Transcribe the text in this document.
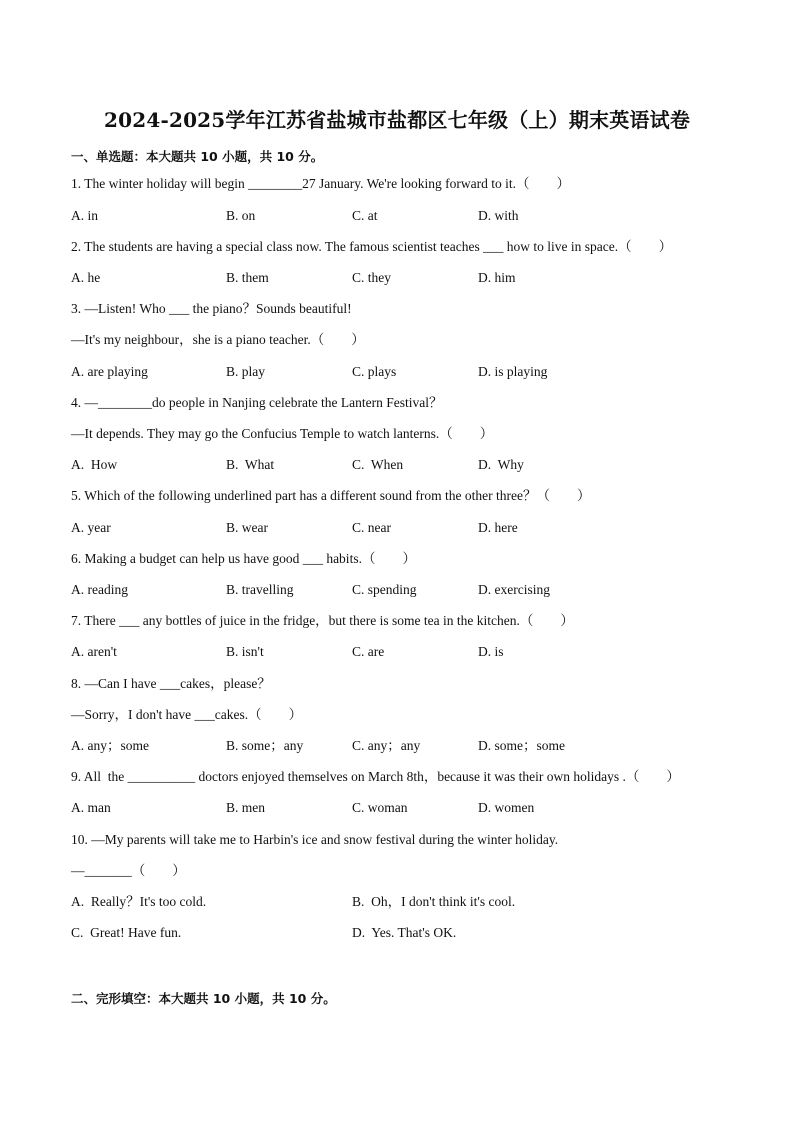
2024-2025学年江苏省盐城市盐都区七年级（上）期末英语试卷
一、单选题：本大题共 10 小题，共 10 分。
1. The winter holiday will begin ________27 January. We're looking forward to it.（　　）
A. in	B. on	C. at	D. with
2. The students are having a special class now. The famous scientist teaches ___ how to live in space.（　　）
A. he	B. them	C. they	D. him
3. —Listen! Who ___ the piano？Sounds beautiful!
—It's my neighbour，she is a piano teacher.（　　）
A. are playing	B. play	C. plays	D. is playing
4. —________do people in Nanjing celebrate the Lantern Festival？
—It depends. They may go the Confucius Temple to watch lanterns.（　　）
A.  How	B.  What	C.  When	D.  Why
5. Which of the following underlined part has a different sound from the other three？（　　）
A. year	B. wear	C. near	D. here
6. Making a budget can help us have good ___ habits.（　　）
A. reading	B. travelling	C. spending	D. exercising
7. There ___ any bottles of juice in the fridge，but there is some tea in the kitchen.（　　）
A. aren't	B. isn't	C. are	D. is
8. —Can I have ___cakes，please？
—Sorry，I don't have ___cakes.（　　）
A. any；some	B. some；any	C. any；any	D. some；some
9. All  the __________ doctors enjoyed themselves on March 8th，because it was their own holidays .（　　）
A. man	B. men	C. woman	D. women
10. —My parents will take me to Harbin's ice and snow festival during the winter holiday.
—_______（　　）
A.  Really？It's too cold.	B.  Oh，I don't think it's cool.
C.  Great! Have fun.	D.  Yes. That's OK.
二、完形填空：本大题共 10 小题，共 10 分。
